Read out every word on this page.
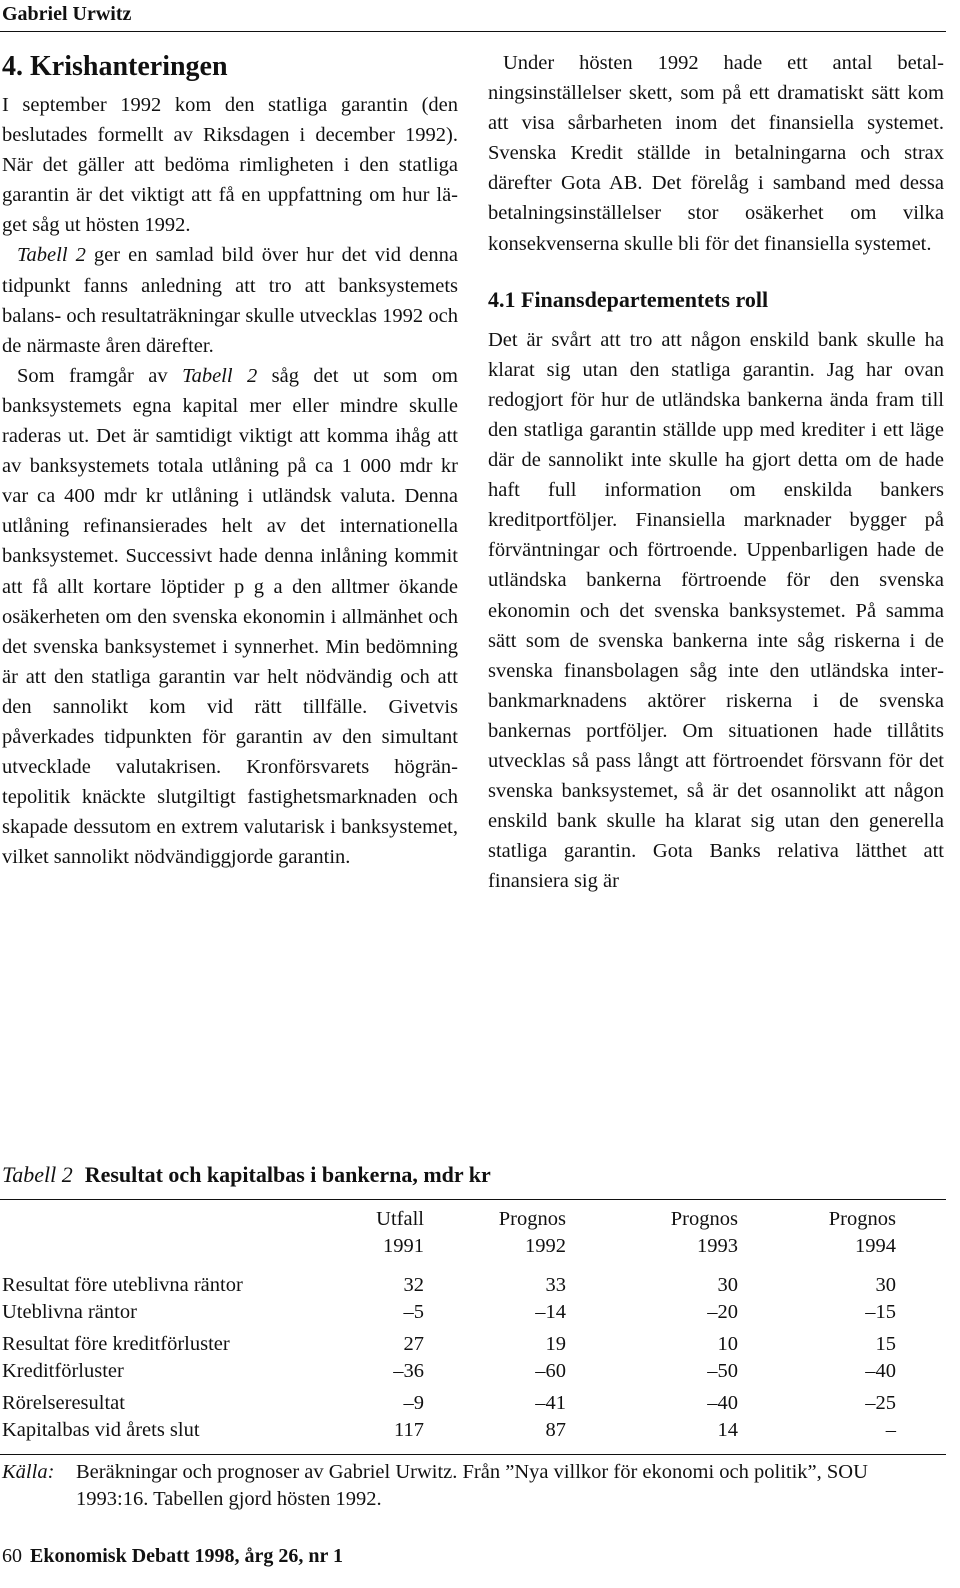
Gabriel Urwitz
4. Krishanteringen

I september 1992 kom den statliga garantin (den beslutades formellt av Riksdagen i december 1992). När det gäller att bedöma rimligheten i den statliga garantin är det viktigt att få en uppfattning om hur läget såg ut hösten 1992.

Tabell 2 ger en samlad bild över hur det vid denna tidpunkt fanns anledning att tro att banksystemets balans- och resultaträkningar skulle utvecklas 1992 och de närmaste åren därefter.

Som framgår av Tabell 2 såg det ut som om banksystemets egna kapital mer eller mindre skulle raderas ut. Det är samtidigt viktigt att komma ihåg att av banksystemets totala utlåning på ca 1 000 mdr kr var ca 400 mdr kr utlåning i utländsk valuta. Denna utlåning refinansierades helt av det internationella banksystemet. Successivt hade denna inlåning kommit att få allt kortare löptider p g a den alltmer ökande osäkerheten om den svenska ekonomin i allmänhet och det svenska banksystemet i synnerhet. Min bedömning är att den statliga garantin var helt nödvändig och att den sannolikt kom vid rätt tillfälle. Givetvis påverkades tidpunkten för garantin av den simultant utvecklade valutakrisen. Kronförsvarets högräntepolitik knäckte slutgiltigt fastighetsmarknaden och skapade dessutom en extrem valutarisk i banksystemet, vilket sannolikt nödvändiggjorde garantin.

Under hösten 1992 hade ett antal betalningsinställelser skett, som på ett dramatiskt sätt kom att visa sårbarheten inom det finansiella systemet. Svenska Kredit ställde in betalningarna och strax därefter Gota AB. Det förelåg i samband med dessa betalningsinställelser stor osäkerhet om vilka konsekvenserna skulle bli för det finansiella systemet.

4.1 Finansdepartementets roll

Det är svårt att tro att någon enskild bank skulle ha klarat sig utan den statliga garantin. Jag har ovan redogjort för hur de utländska bankerna ända fram till den statliga garantin ställde upp med krediter i ett läge där de sannolikt inte skulle ha gjort detta om de hade haft full information om enskilda bankers kreditportföljer. Finansiella marknader bygger på förväntningar och förtroende. Uppenbarligen hade de utländska bankerna förtroende för den svenska ekonomin och det svenska banksystemet. På samma sätt som de svenska bankerna inte såg riskerna i de svenska finansbolagen såg inte den utländska interbankmarknadens aktörer riskerna i de svenska bankernas portföljer. Om situationen hade tillåtits utvecklas så pass långt att förtroendet försvann för det svenska banksystemet, så är det osannolikt att någon enskild bank skulle ha klarat sig utan den generella statliga garantin. Gota Banks relativa lätthet att finansiera sig är

Tabell 2 Resultat och kapitalbas i bankerna, mdr kr
	Utfall	Prognos	Prognos	Prognos	
	1991	1992	1993	1994	
Resultat före uteblivna räntor	32	33	30	30	
Uteblivna räntor	–5	–14	–20	–15	
Resultat före kreditförluster	27	19	10	15	
Kreditförluster	–36	–60	–50	–40	
Rörelseresultat	–9	–41	–40	–25	
Kapitalbas vid årets slut	117	87	14	–	
Källa: Beräkningar och prognoser av Gabriel Urwitz. Från ”Nya villkor för ekonomi och politik”, SOU 1993:16. Tabellen gjord hösten 1992.
60 Ekonomisk Debatt 1998, årg 26, nr 1
